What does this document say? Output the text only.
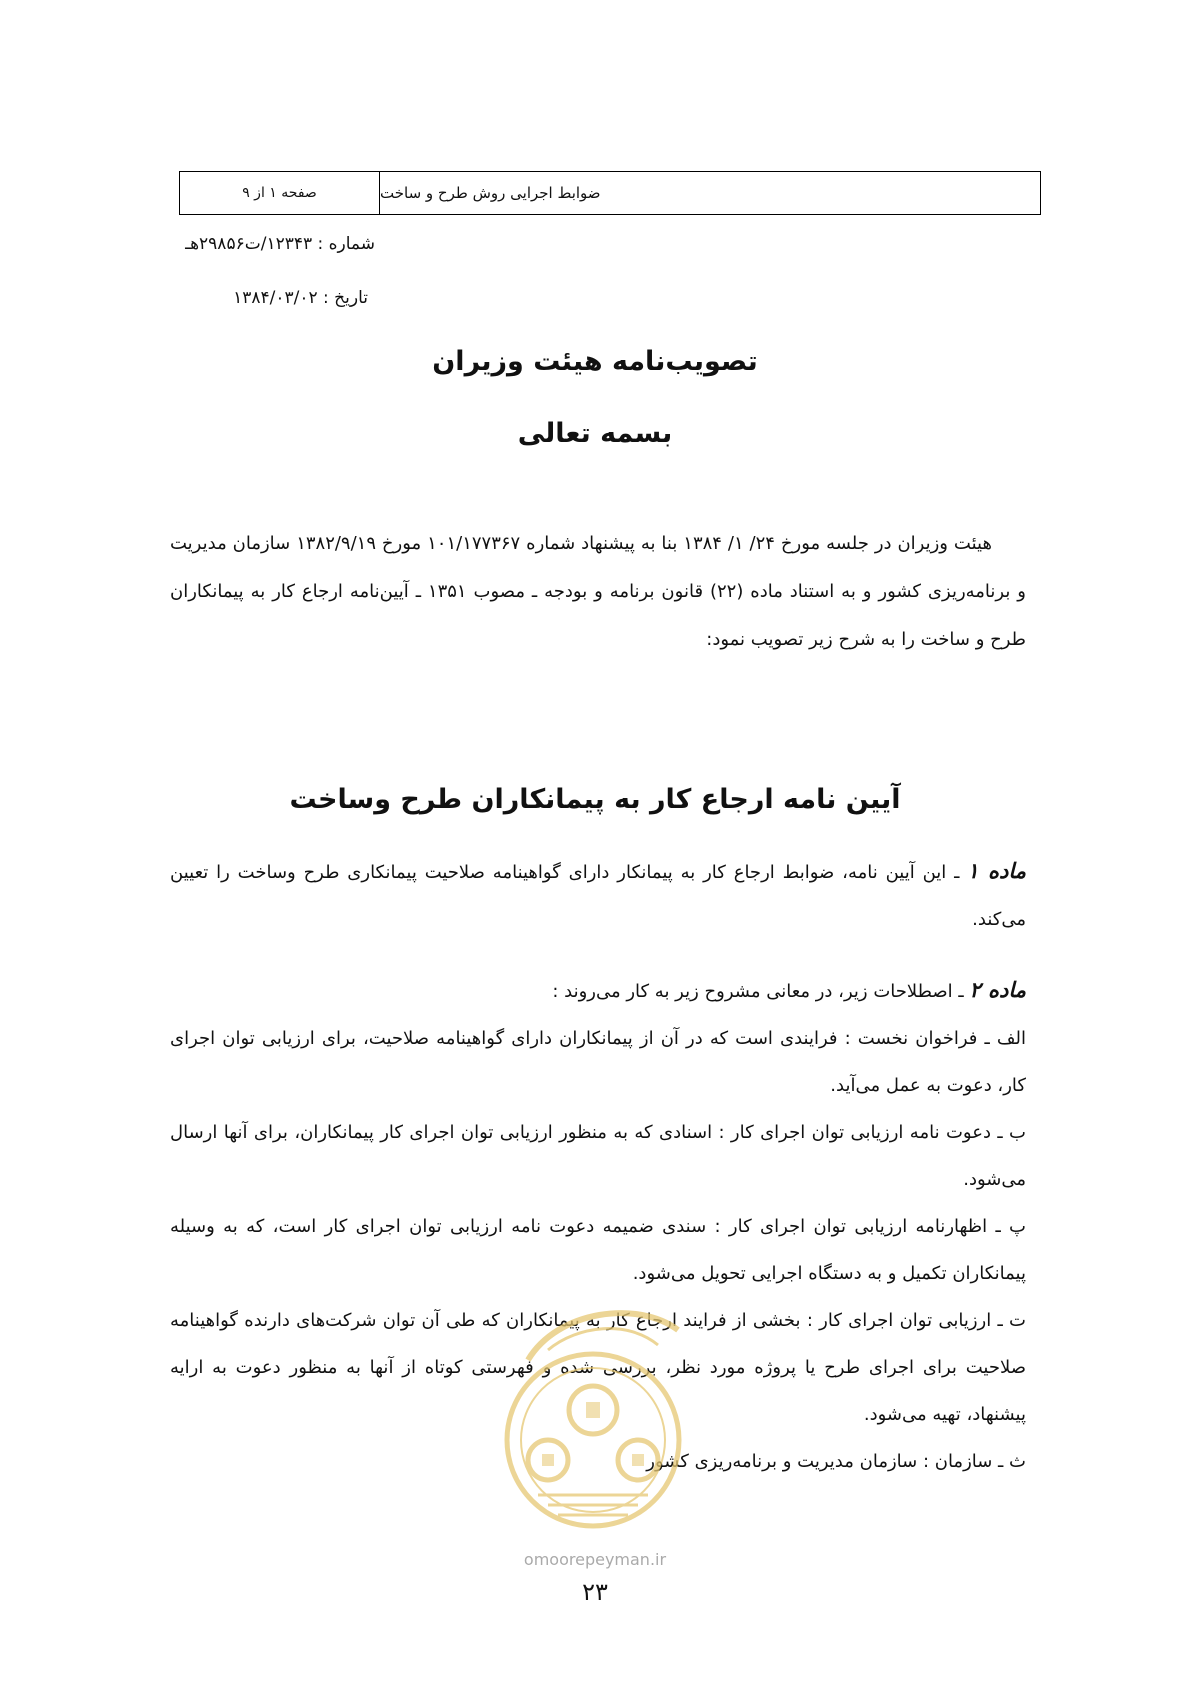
صفحه ۱ از ۹	ضوابط اجرایی روش طرح و ساخت
شماره : ۱۲۳۴۳/ت۲۹۸۵۶هـ
تاریخ : ۱۳۸۴/۰۳/۰۲
تصویب‌نامه هیئت وزیران
بسمه تعالی

هیئت وزیران در جلسه مورخ ۲۴/ ۱/ ۱۳۸۴ بنا به پیشنهاد شماره ۱۰۱/۱۷۷۳۶۷ مورخ ۱۳۸۲/۹/۱۹ سازمان مدیریت و برنامه‌ریزی کشور و به استناد ماده (۲۲) قانون برنامه و بودجه ـ مصوب ۱۳۵۱ ـ آیین‌نامه ارجاع کار به پیمانکاران طرح و ساخت را به شرح زیر تصویب نمود:

آیین نامه ارجاع کار به پیمانکاران طرح وساخت

ماده ۱ ـ این آیین نامه، ضوابط ارجاع کار به پیمانکار دارای گواهینامه صلاحیت پیمانکاری طرح وساخت را تعیین می‌کند.

ماده ۲ ـ اصطلاحات زیر، در معانی مشروح زیر به کار می‌روند :

الف ـ فراخوان نخست : فرایندی است که در آن از پیمانکاران دارای گواهینامه صلاحیت، برای ارزیابی توان اجرای کار، دعوت به عمل می‌آید.

ب ـ دعوت نامه ارزیابی توان اجرای کار : اسنادی که به منظور ارزیابی توان اجرای کار پیمانکاران، برای آنها ارسال می‌شود.

پ ـ اظهارنامه ارزیابی توان اجرای کار : سندی ضمیمه دعوت نامه ارزیابی توان اجرای کار است، که به وسیله پیمانکاران تکمیل و به دستگاه اجرایی تحویل می‌شود.

ت ـ ارزیابی توان اجرای کار : بخشی از فرایند ارجاع کار به پیمانکاران که طی آن توان شرکت‌های دارنده گواهینامه صلاحیت برای اجرای طرح یا پروژه مورد نظر، بررسی شده و فهرستی کوتاه از آنها به منظور دعوت به ارایه پیشنهاد، تهیه می‌شود.

ث ـ سازمان : سازمان مدیریت و برنامه‌ریزی کشور

omoorepeyman.ir
۲۳
